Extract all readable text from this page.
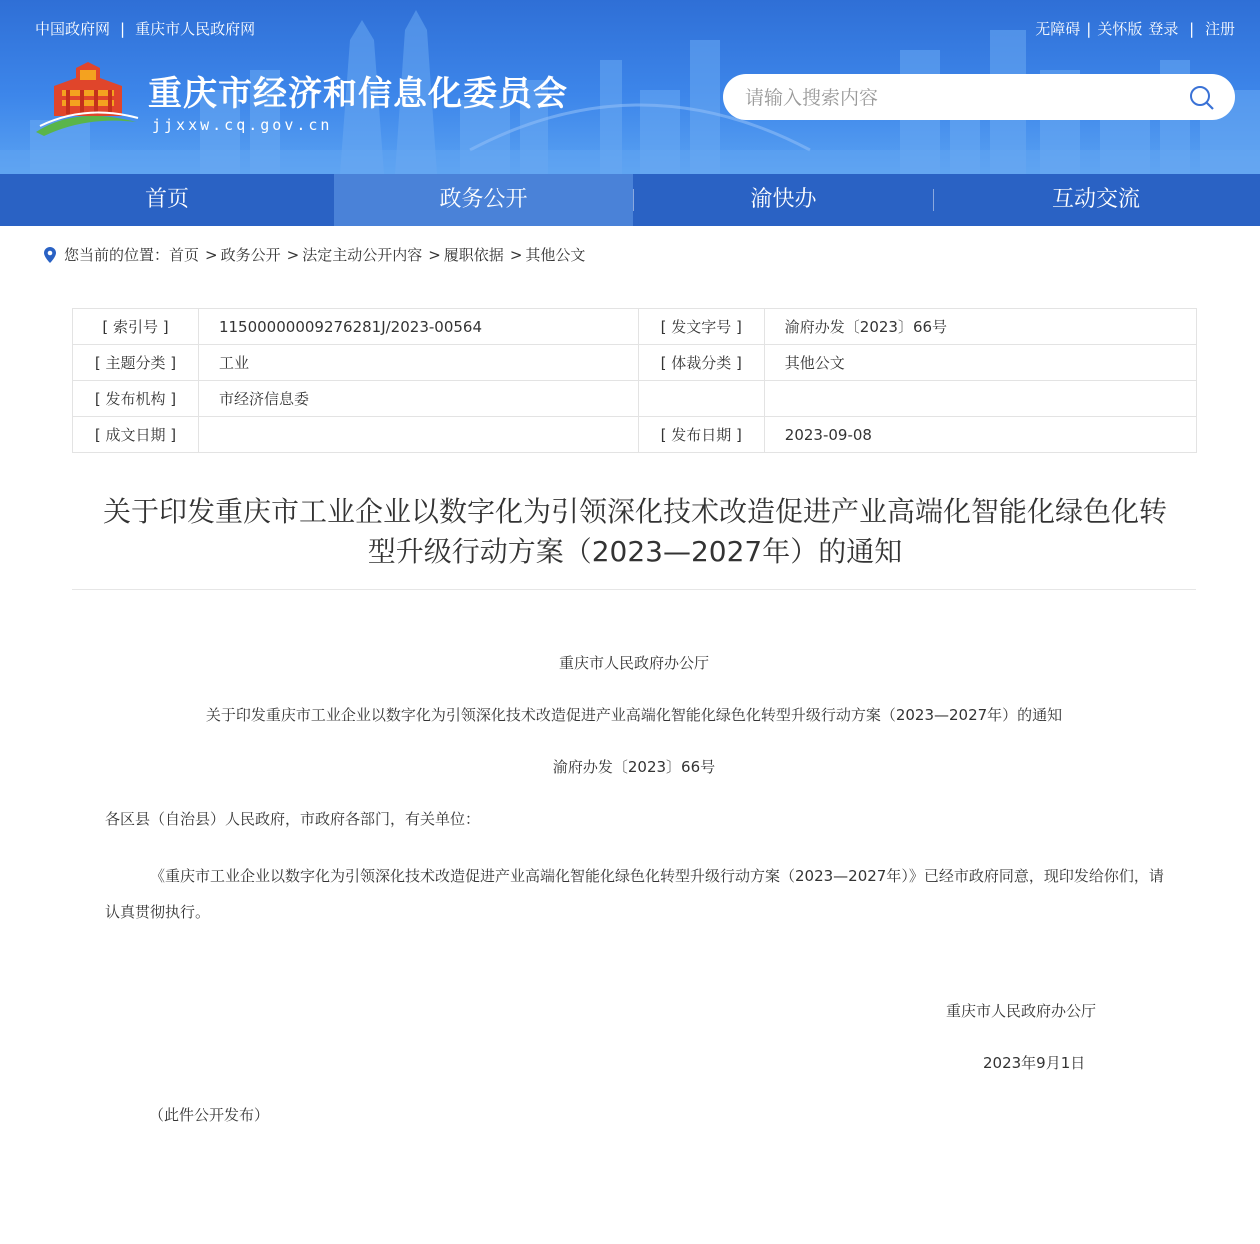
中国政府网 | 重庆市人民政府网	无障碍 | 关怀版 登录 | 注册
重庆市经济和信息化委员会
jjxxw.cq.gov.cn
请输入搜索内容
首页	政务公开	渝快办	互动交流
您当前的位置： 首页 > 政务公开 > 法定主动公开内容 > 履职依据 > 其他公文
[ 索引号 ]	11500000009276281J/2023-00564	[ 发文字号 ]	渝府办发〔2023〕66号
[ 主题分类 ]	工业	[ 体裁分类 ]	其他公文
[ 发布机构 ]	市经济信息委		
[ 成文日期 ]		[ 发布日期 ]	2023-09-08
关于印发重庆市工业企业以数字化为引领深化技术改造促进产业高端化智能化绿色化转
型升级行动方案（2023—2027年）的通知
重庆市人民政府办公厅
关于印发重庆市工业企业以数字化为引领深化技术改造促进产业高端化智能化绿色化转型升级行动方案（2023—2027年）的通知
渝府办发〔2023〕66号
各区县（自治县）人民政府，市政府各部门，有关单位：
《重庆市工业企业以数字化为引领深化技术改造促进产业高端化智能化绿色化转型升级行动方案（2023—2027年）》已经市政府同意，现印发给你们，请认真贯彻执行。
重庆市人民政府办公厅
2023年9月1日
（此件公开发布）
